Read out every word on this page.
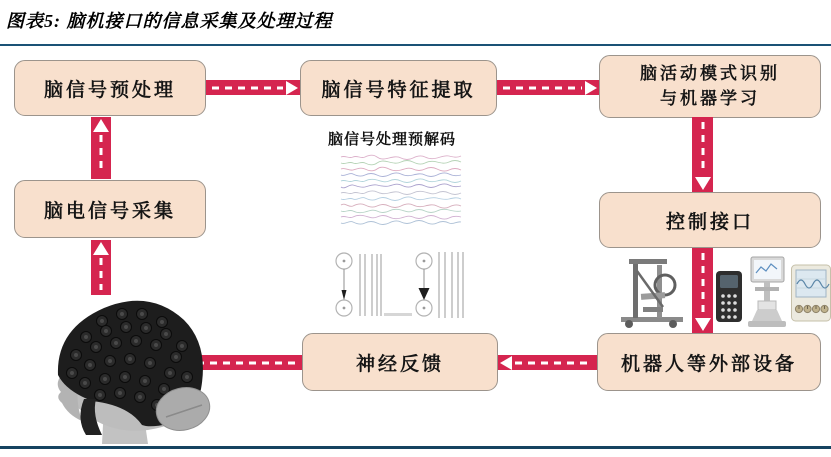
图表5: 脑机接口的信息采集及处理过程
脑信号预处理	脑信号特征提取
脑活动模式识别
与机器学习
脑电信号采集
控制接口
神经反馈	机器人等外部设备
脑信号处理预解码
